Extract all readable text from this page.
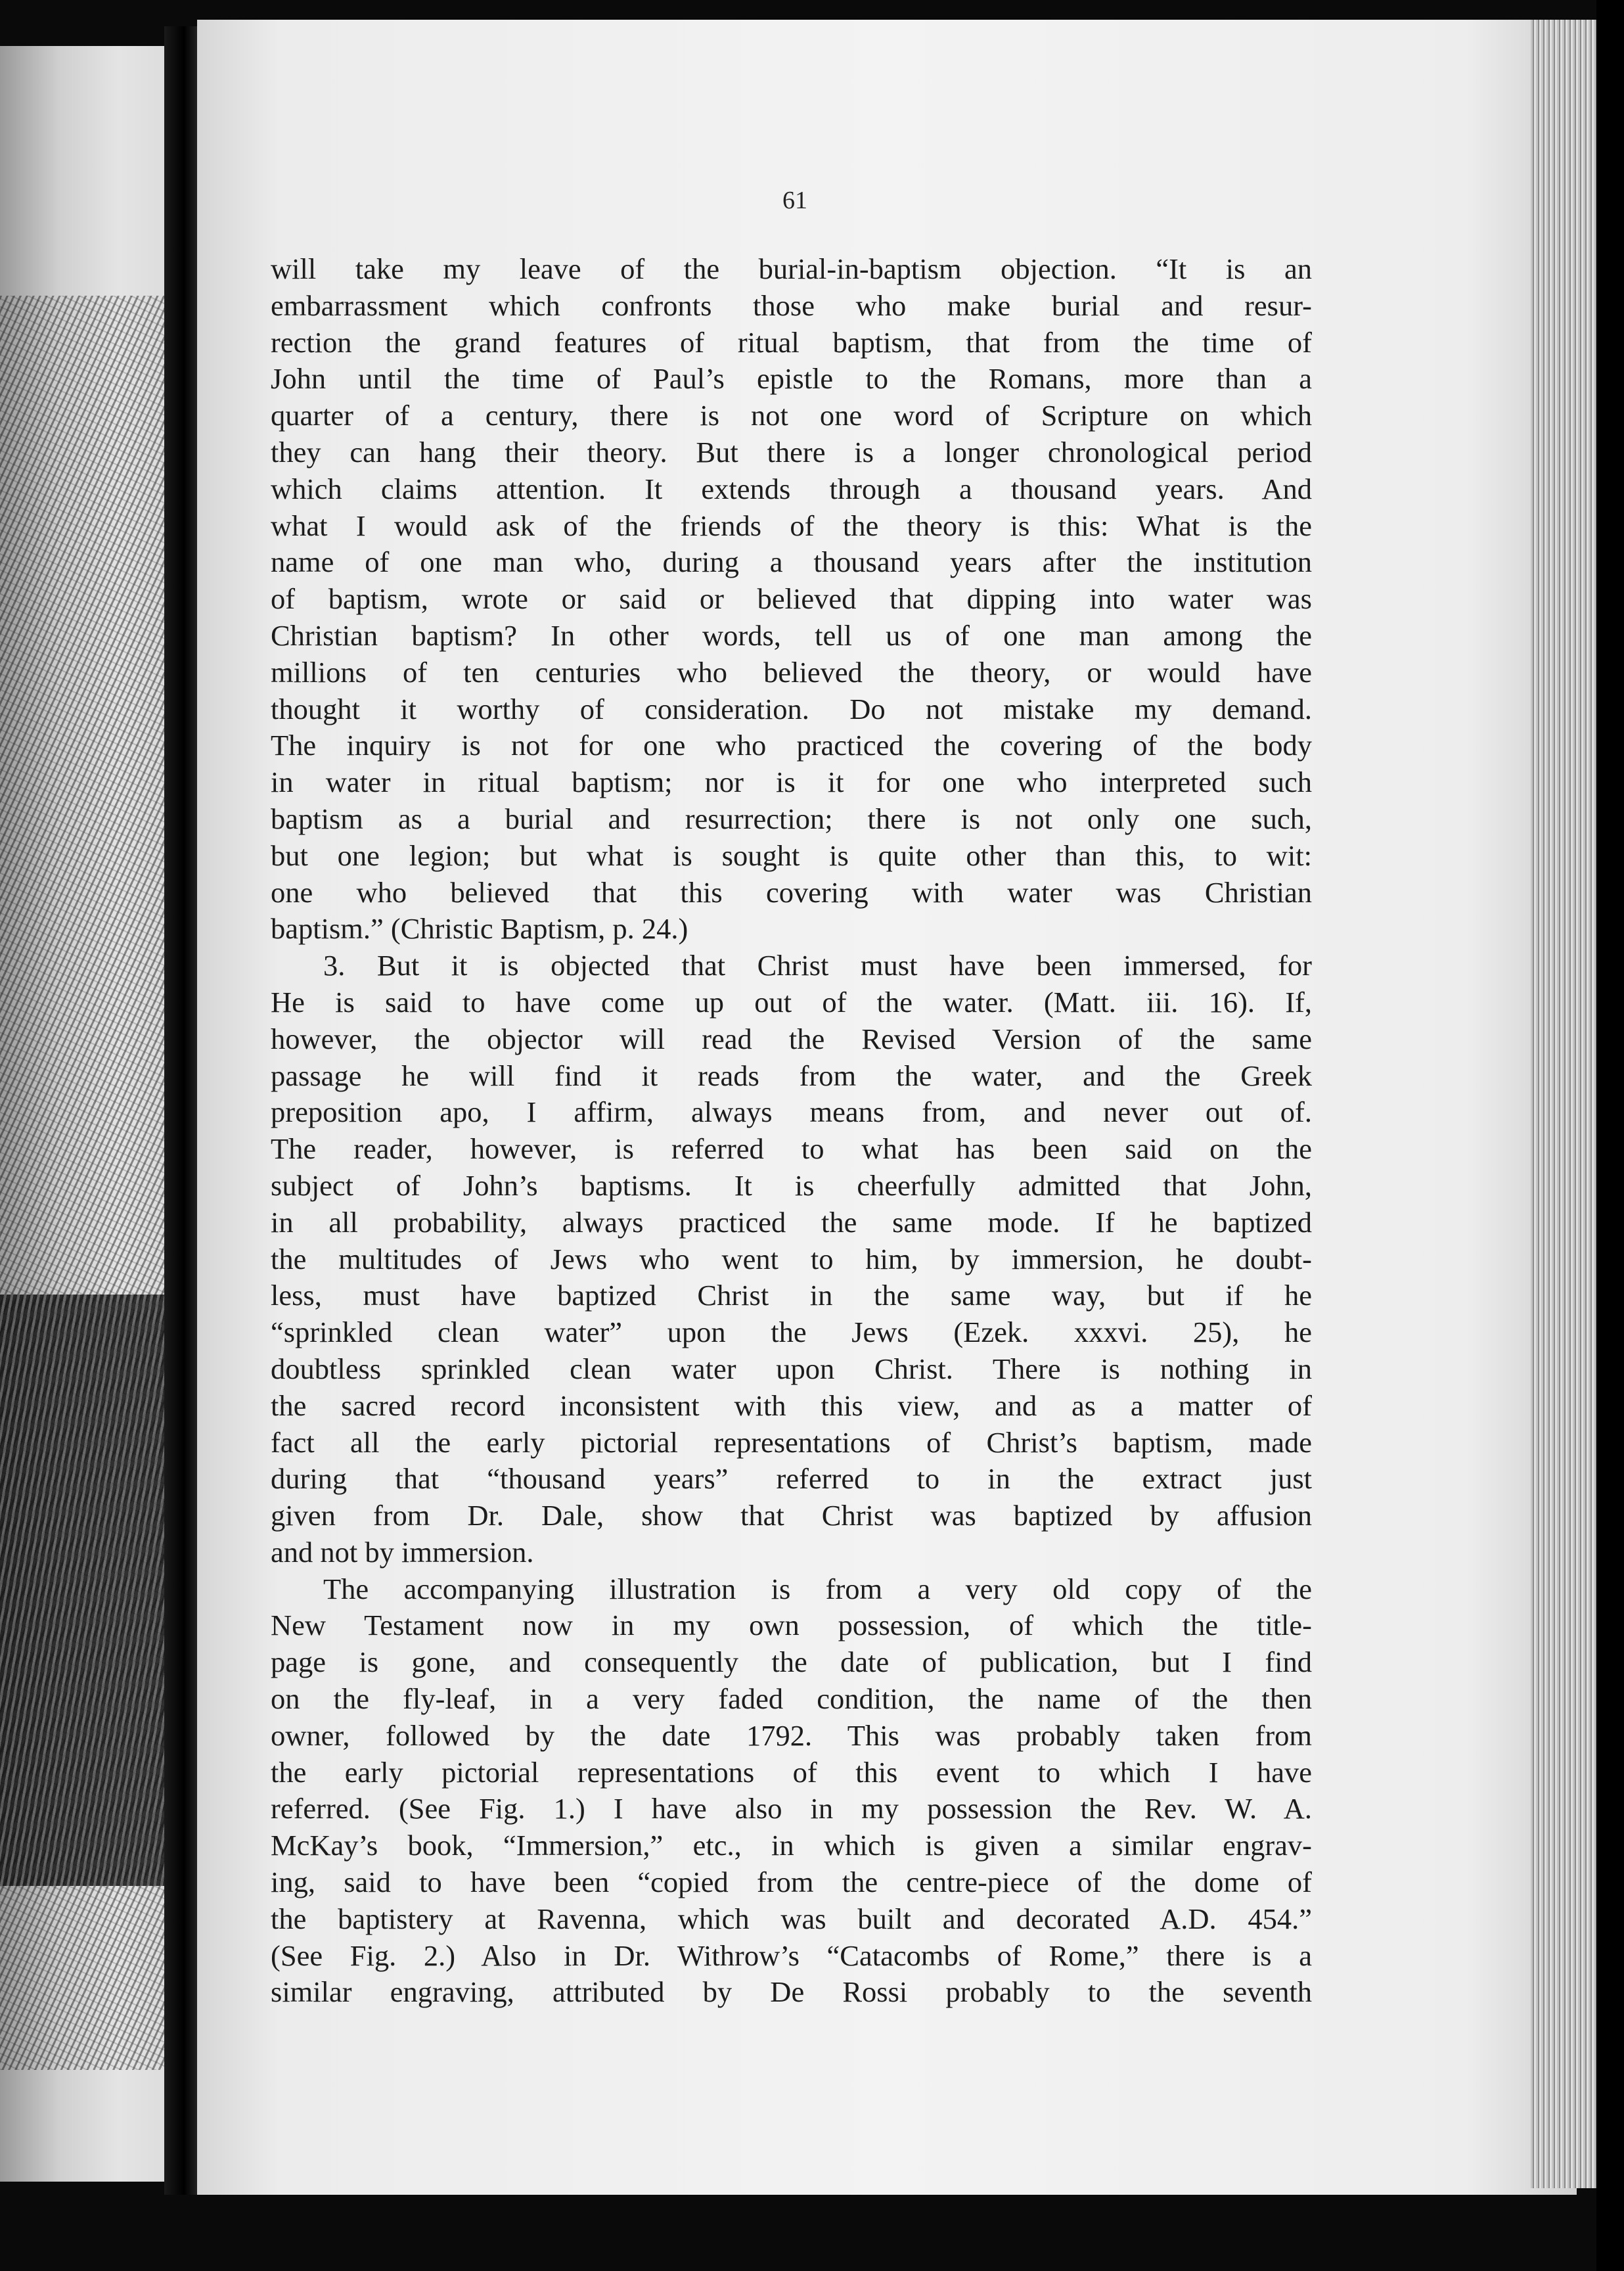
61
will take my leave of the burial-in-baptism objection. “It is an
embarrassment which confronts those who make burial and resur-
rection the grand features of ritual baptism, that from the time of
John until the time of Paul’s epistle to the Romans, more than a
quarter of a century, there is not one word of Scripture on which
they can hang their theory. But there is a longer chronological period
which claims attention. It extends through a thousand years. And
what I would ask of the friends of the theory is this: What is the
name of one man who, during a thousand years after the institution
of baptism, wrote or said or believed that dipping into water was
Christian baptism? In other words, tell us of one man among the
millions of ten centuries who believed the theory, or would have
thought it worthy of consideration. Do not mistake my demand.
The inquiry is not for one who practiced the covering of the body
in water in ritual baptism; nor is it for one who interpreted such
baptism as a burial and resurrection; there is not only one such,
but one legion; but what is sought is quite other than this, to wit:
one who believed that this covering with water was Christian
baptism.” (Christic Baptism, p. 24.)
3. But it is objected that Christ must have been immersed, for
He is said to have come up out of the water. (Matt. iii. 16). If,
however, the objector will read the Revised Version of the same
passage he will find it reads from the water, and the Greek
preposition apo, I affirm, always means from, and never out of.
The reader, however, is referred to what has been said on the
subject of John’s baptisms. It is cheerfully admitted that John,
in all probability, always practiced the same mode. If he baptized
the multitudes of Jews who went to him, by immersion, he doubt-
less, must have baptized Christ in the same way, but if he
“sprinkled clean water” upon the Jews (Ezek. xxxvi. 25), he
doubtless sprinkled clean water upon Christ. There is nothing in
the sacred record inconsistent with this view, and as a matter of
fact all the early pictorial representations of Christ’s baptism, made
during that “thousand years” referred to in the extract just
given from Dr. Dale, show that Christ was baptized by affusion
and not by immersion.
The accompanying illustration is from a very old copy of the
New Testament now in my own possession, of which the title-
page is gone, and consequently the date of publication, but I find
on the fly-leaf, in a very faded condition, the name of the then
owner, followed by the date 1792. This was probably taken from
the early pictorial representations of this event to which I have
referred. (See Fig. 1.) I have also in my possession the Rev. W. A.
McKay’s book, “Immersion,” etc., in which is given a similar engrav-
ing, said to have been “copied from the centre-piece of the dome of
the baptistery at Ravenna, which was built and decorated A.D. 454.”
(See Fig. 2.) Also in Dr. Withrow’s “Catacombs of Rome,” there is a
similar engraving, attributed by De Rossi probably to the seventh
